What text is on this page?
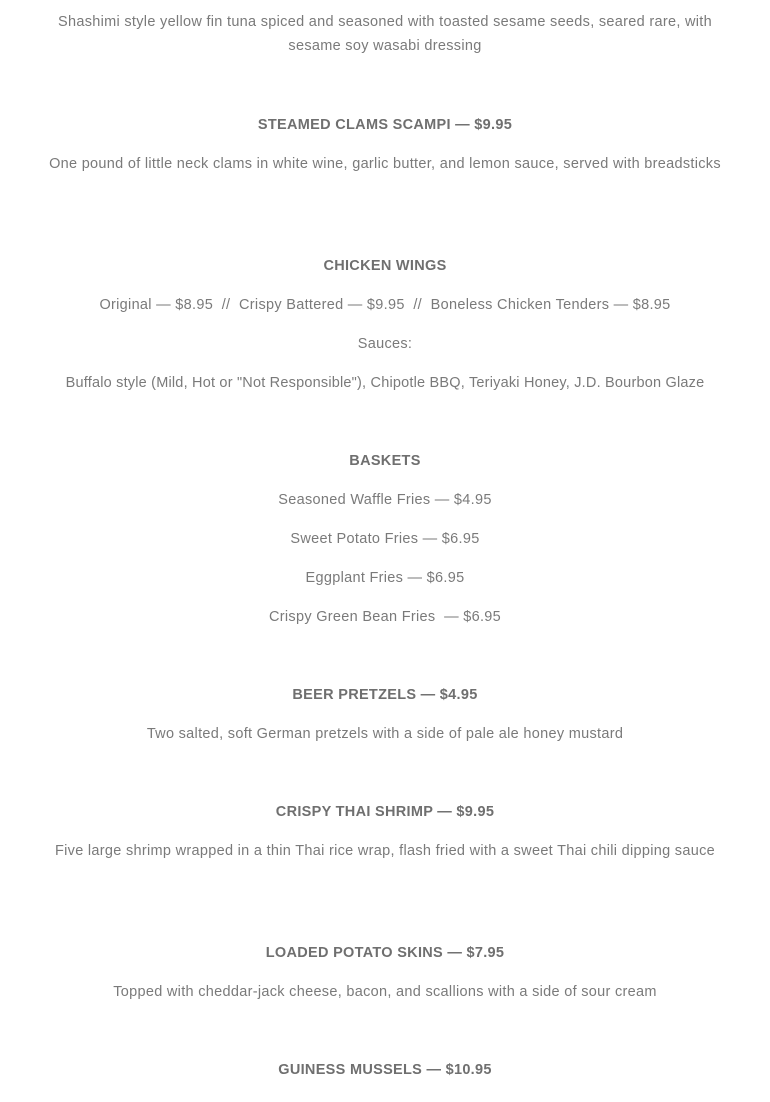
Shashimi style yellow fin tuna spiced and seasoned with toasted sesame seeds, seared rare, with sesame soy wasabi dressing

STEAMED CLAMS SCAMPI — $9.95

One pound of little neck clams in white wine, garlic butter, and lemon sauce, served with breadsticks

CHICKEN WINGS

Original — $8.95  //  Crispy Battered — $9.95  //  Boneless Chicken Tenders — $8.95

Sauces:

Buffalo style (Mild, Hot or "Not Responsible"), Chipotle BBQ, Teriyaki Honey, J.D. Bourbon Glaze

BASKETS

Seasoned Waffle Fries — $4.95

Sweet Potato Fries — $6.95

Eggplant Fries — $6.95

Crispy Green Bean Fries  — $6.95

BEER PRETZELS — $4.95

Two salted, soft German pretzels with a side of pale ale honey mustard

CRISPY THAI SHRIMP — $9.95

Five large shrimp wrapped in a thin Thai rice wrap, flash fried with a sweet Thai chili dipping sauce

LOADED POTATO SKINS — $7.95

Topped with cheddar-jack cheese, bacon, and scallions with a side of sour cream

GUINESS MUSSELS — $10.95
